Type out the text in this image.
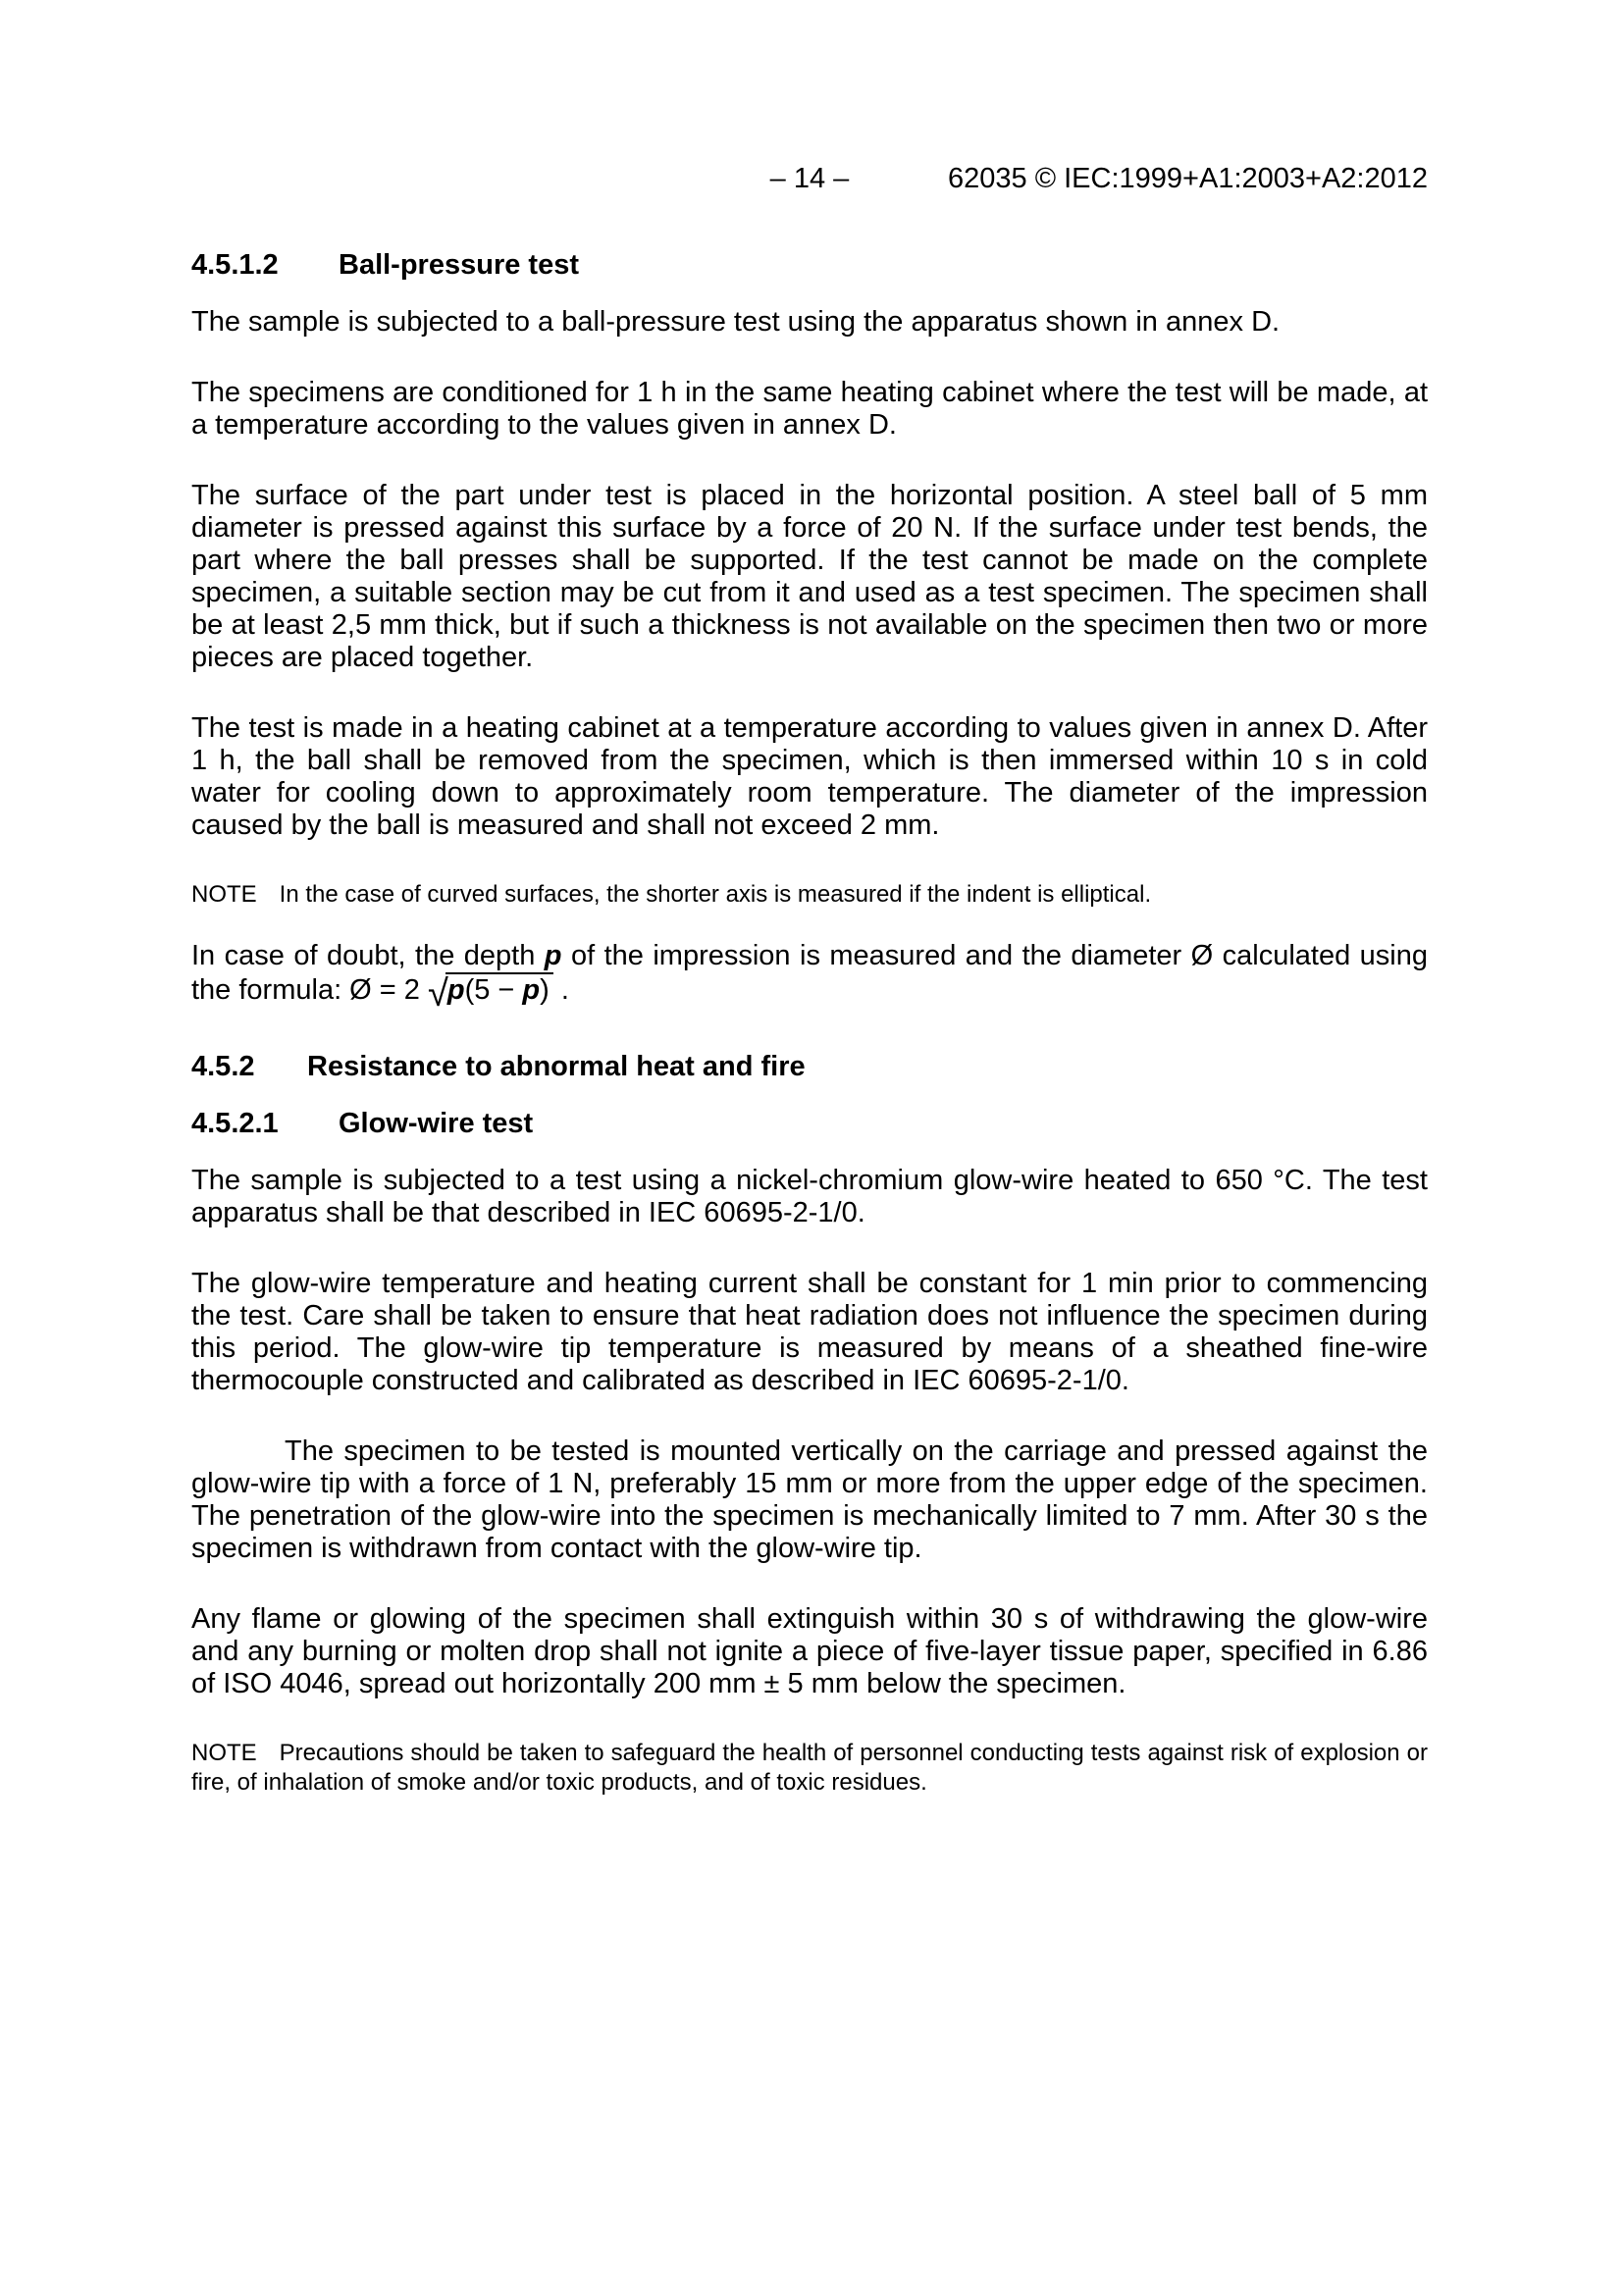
– 14 –	62035 © IEC:1999+A1:2003+A2:2012
4.5.1.2 Ball-pressure test

The sample is subjected to a ball-pressure test using the apparatus shown in annex D.

The specimens are conditioned for 1 h in the same heating cabinet where the test will be made, at a temperature according to the values given in annex D.

The surface of the part under test is placed in the horizontal position. A steel ball of 5 mm diameter is pressed against this surface by a force of 20 N. If the surface under test bends, the part where the ball presses shall be supported. If the test cannot be made on the complete specimen, a suitable section may be cut from it and used as a test specimen. The specimen shall be at least 2,5 mm thick, but if such a thickness is not available on the specimen then two or more pieces are placed together.

The test is made in a heating cabinet at a temperature according to values given in annex D. After 1 h, the ball shall be removed from the specimen, which is then immersed within 10 s in cold water for cooling down to approximately room temperature. The diameter of the impression caused by the ball is measured and shall not exceed 2 mm.

NOTE In the case of curved surfaces, the shorter axis is measured if the indent is elliptical.

In case of doubt, the depth p of the impression is measured and the diameter Ø calculated using the formula: Ø = 2 √p(5 − p) .

4.5.2 Resistance to abnormal heat and fire
4.5.2.1 Glow-wire test

The sample is subjected to a test using a nickel-chromium glow-wire heated to 650 °C. The test apparatus shall be that described in IEC 60695-2-1/0.

The glow-wire temperature and heating current shall be constant for 1 min prior to commencing the test. Care shall be taken to ensure that heat radiation does not influence the specimen during this period. The glow-wire tip temperature is measured by means of a sheathed fine-wire thermocouple constructed and calibrated as described in IEC 60695-2-1/0.

The specimen to be tested is mounted vertically on the carriage and pressed against the glow-wire tip with a force of 1 N, preferably 15 mm or more from the upper edge of the specimen. The penetration of the glow-wire into the specimen is mechanically limited to 7 mm. After 30 s the specimen is withdrawn from contact with the glow-wire tip.

Any flame or glowing of the specimen shall extinguish within 30 s of withdrawing the glow-wire and any burning or molten drop shall not ignite a piece of five-layer tissue paper, specified in 6.86 of ISO 4046, spread out horizontally 200 mm ± 5 mm below the specimen.

NOTE Precautions should be taken to safeguard the health of personnel conducting tests against risk of explosion or fire, of inhalation of smoke and/or toxic products, and of toxic residues.
